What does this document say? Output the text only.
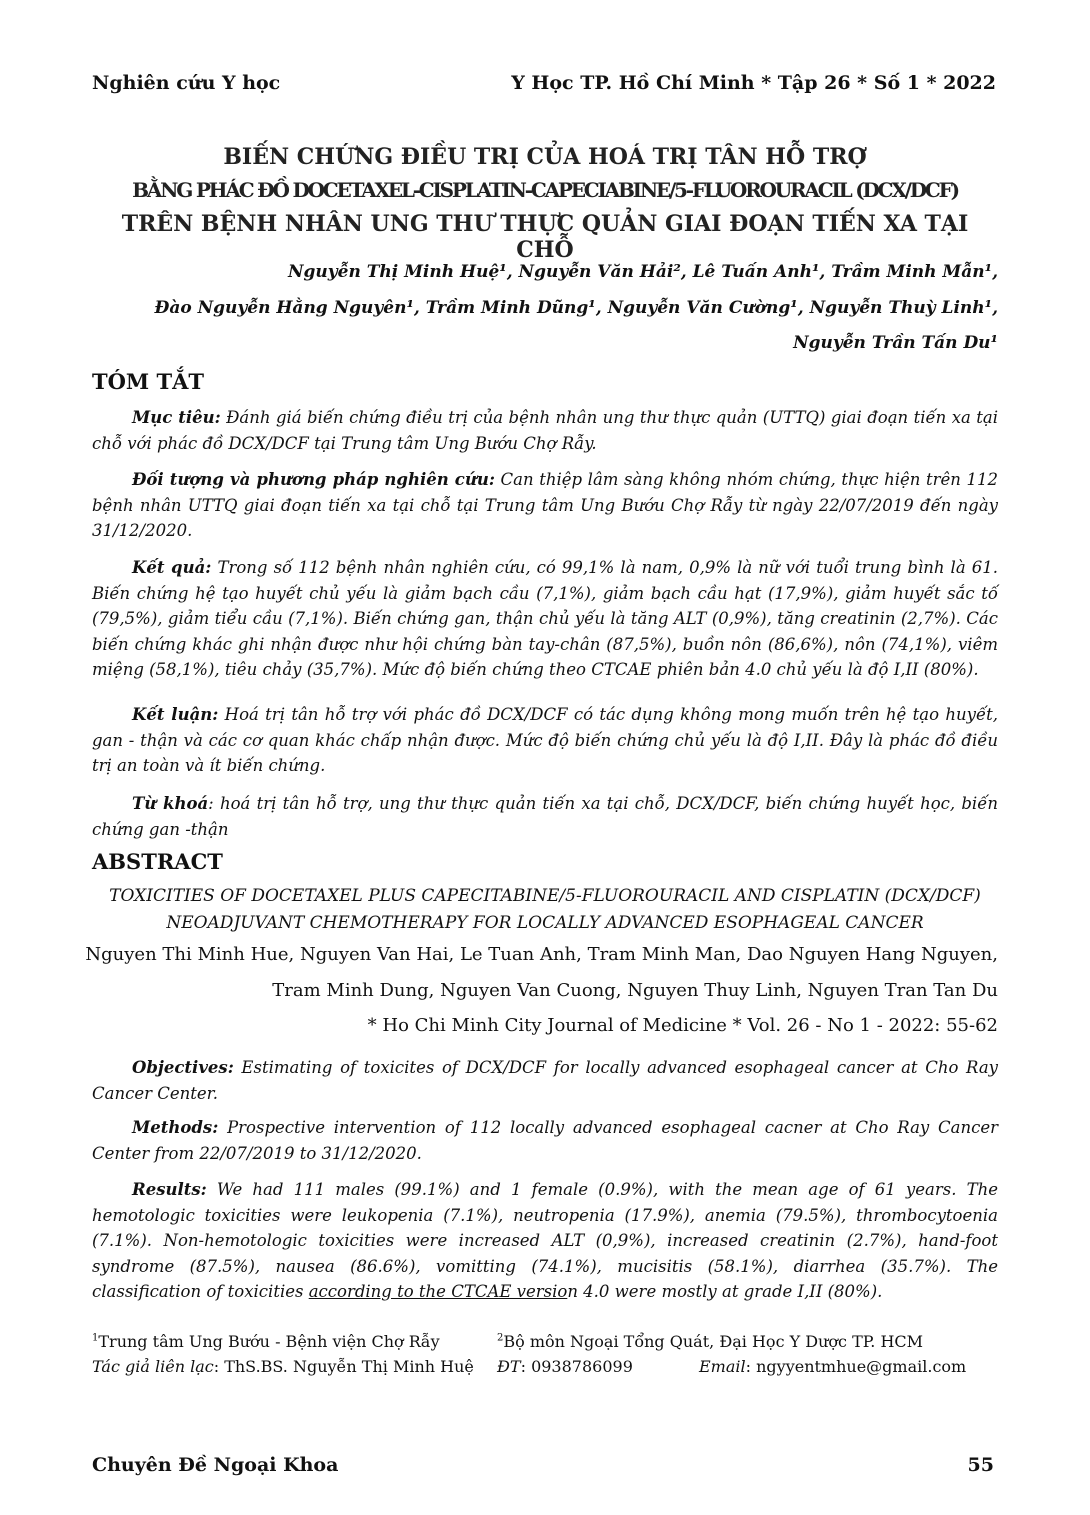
Nghiên cứu Y học	Y Học TP. Hồ Chí Minh * Tập 26 * Số 1 * 2022
BIẾN CHỨNG ĐIỀU TRỊ CỦA HOÁ TRỊ TÂN HỖ TRỢ
BẰNG PHÁC ĐỒ DOCETAXEL-CISPLATIN-CAPECIABINE/5-FLUOROURACIL (DCX/DCF)
TRÊN BỆNH NHÂN UNG THƯ THỰC QUẢN GIAI ĐOẠN TIẾN XA TẠI CHỖ
Nguyễn Thị Minh Huệ¹, Nguyễn Văn Hải², Lê Tuấn Anh¹, Trầm Minh Mẫn¹,
Đào Nguyễn Hằng Nguyên¹, Trầm Minh Dũng¹, Nguyễn Văn Cường¹, Nguyễn Thuỳ Linh¹,
Nguyễn Trần Tấn Du¹
TÓM TẮT

Mục tiêu: Đánh giá biến chứng điều trị của bệnh nhân ung thư thực quản (UTTQ) giai đoạn tiến xa tại chỗ với phác đồ DCX/DCF tại Trung tâm Ung Bướu Chợ Rẫy.

Đối tượng và phương pháp nghiên cứu: Can thiệp lâm sàng không nhóm chứng, thực hiện trên 112 bệnh nhân UTTQ giai đoạn tiến xa tại chỗ tại Trung tâm Ung Bướu Chợ Rẫy từ ngày 22/07/2019 đến ngày 31/12/2020.

Kết quả: Trong số 112 bệnh nhân nghiên cứu, có 99,1% là nam, 0,9% là nữ với tuổi trung bình là 61. Biến chứng hệ tạo huyết chủ yếu là giảm bạch cầu (7,1%), giảm bạch cầu hạt (17,9%), giảm huyết sắc tố (79,5%), giảm tiểu cầu (7,1%). Biến chứng gan, thận chủ yếu là tăng ALT (0,9%), tăng creatinin (2,7%). Các biến chứng khác ghi nhận được như hội chứng bàn tay-chân (87,5%), buồn nôn (86,6%), nôn (74,1%), viêm miệng (58,1%), tiêu chảy (35,7%). Mức độ biến chứng theo CTCAE phiên bản 4.0 chủ yếu là độ I,II (80%).

Kết luận: Hoá trị tân hỗ trợ với phác đồ DCX/DCF có tác dụng không mong muốn trên hệ tạo huyết, gan - thận và các cơ quan khác chấp nhận được. Mức độ biến chứng chủ yếu là độ I,II. Đây là phác đồ điều trị an toàn và ít biến chứng.

Từ khoá: hoá trị tân hỗ trợ, ung thư thực quản tiến xa tại chỗ, DCX/DCF, biến chứng huyết học, biến chứng gan -thận

ABSTRACT
TOXICITIES OF DOCETAXEL PLUS CAPECITABINE/5-FLUOROURACIL AND CISPLATIN (DCX/DCF)
NEOADJUVANT CHEMOTHERAPY FOR LOCALLY ADVANCED ESOPHAGEAL CANCER
Nguyen Thi Minh Hue, Nguyen Van Hai, Le Tuan Anh, Tram Minh Man, Dao Nguyen Hang Nguyen,
Tram Minh Dung, Nguyen Van Cuong, Nguyen Thuy Linh, Nguyen Tran Tan Du
* Ho Chi Minh City Journal of Medicine * Vol. 26 - No 1 - 2022: 55-62

Objectives: Estimating of toxicites of DCX/DCF for locally advanced esophageal cancer at Cho Ray Cancer Center.

Methods: Prospective intervention of 112 locally advanced esophageal cacner at Cho Ray Cancer Center from 22/07/2019 to 31/12/2020.

Results: We had 111 males (99.1%) and 1 female (0.9%), with the mean age of 61 years. The hemotologic toxicities were leukopenia (7.1%), neutropenia (17.9%), anemia (79.5%), thrombocytoenia (7.1%). Non-hemotologic toxicities were increased ALT (0,9%), increased creatinin (2.7%), hand-foot syndrome (87.5%), nausea (86.6%), vomitting (74.1%), mucisitis (58.1%), diarrhea (35.7%). The classification of toxicities according to the CTCAE version 4.0 were mostly at grade I,II (80%).

$^1$Trung tâm Ung Bướu - Bệnh viện Chợ Rẫy	$^2$Bộ môn Ngoại Tổng Quát, Đại Học Y Dược TP. HCM
Tác giả liên lạc: ThS.BS. Nguyễn Thị Minh Huệ ĐT: 0938786099	Email: ngyyentmhue@gmail.com
Chuyên Đề Ngoại Khoa	55
